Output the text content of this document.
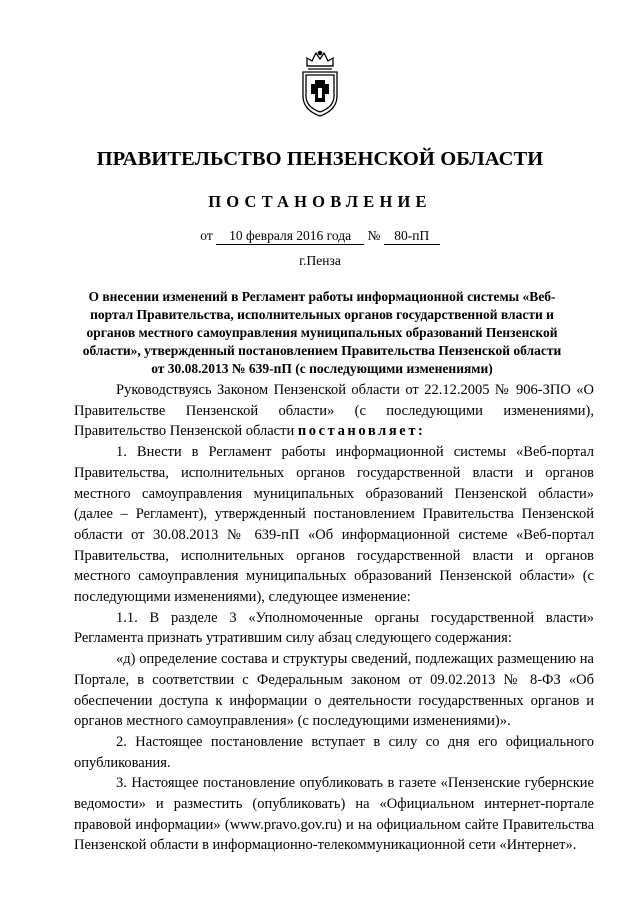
ПРАВИТЕЛЬСТВО ПЕНЗЕНСКОЙ ОБЛАСТИ
ПОСТАНОВЛЕНИЕ
от 10 февраля 2016 года № 80-пП
г.Пенза
О внесении изменений в Регламент работы информационной системы «Веб-портал Правительства, исполнительных органов государственной власти и органов местного самоуправления муниципальных образований Пензенской области», утвержденный постановлением Правительства Пензенской области от 30.08.2013 № 639-пП (с последующими изменениями)

Руководствуясь Законом Пензенской области от 22.12.2005 № 906-ЗПО «О Правительстве Пензенской области» (с последующими изменениями), Правительство Пензенской области постановляет:

1. Внести в Регламент работы информационной системы «Веб-портал Правительства, исполнительных органов государственной власти и органов местного самоуправления муниципальных образований Пензенской области» (далее – Регламент), утвержденный постановлением Правительства Пензенской области от 30.08.2013 № 639-пП «Об информационной системе «Веб-портал Правительства, исполнительных органов государственной власти и органов местного самоуправления муниципальных образований Пензенской области» (с последующими изменениями), следующее изменение:

1.1. В разделе 3 «Уполномоченные органы государственной власти» Регламента признать утратившим силу абзац следующего содержания:

«д) определение состава и структуры сведений, подлежащих размещению на Портале, в соответствии с Федеральным законом от 09.02.2013 № 8-ФЗ «Об обеспечении доступа к информации о деятельности государственных органов и органов местного самоуправления» (с последующими изменениями)».

2. Настоящее постановление вступает в силу со дня его официального опубликования.

3. Настоящее постановление опубликовать в газете «Пензенские губернские ведомости» и разместить (опубликовать) на «Официальном интернет-портале правовой информации» (www.pravo.gov.ru) и на официальном сайте Правительства Пензенской области в информационно-телекоммуникационной сети «Интернет».
